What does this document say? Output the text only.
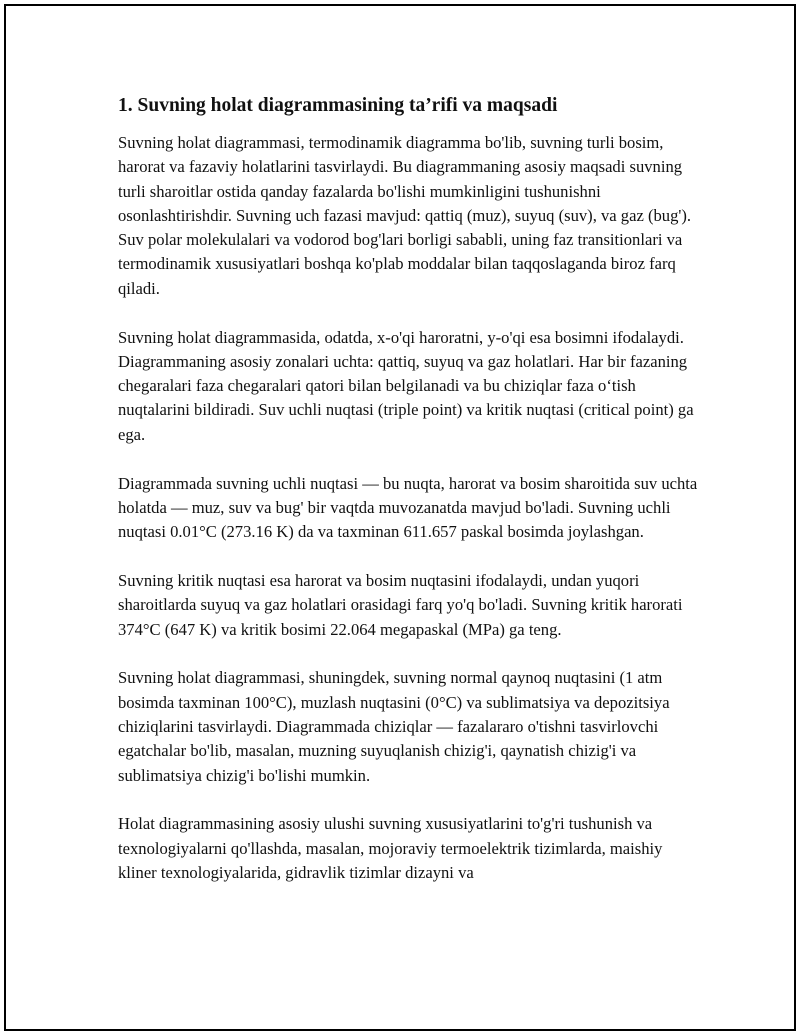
1. Suvning holat diagrammasining ta’rifi va maqsadi

Suvning holat diagrammasi, termodinamik diagramma bo'lib, suvning turli bosim, harorat va fazaviy holatlarini tasvirlaydi. Bu diagrammaning asosiy maqsadi suvning turli sharoitlar ostida qanday fazalarda bo'lishi mumkinligini tushunishni osonlashtirishdir. Suvning uch fazasi mavjud: qattiq (muz), suyuq (suv), va gaz (bug'). Suv polar molekulalari va vodorod bog'lari borligi sababli, uning faz transitionlari va termodinamik xususiyatlari boshqa ko'plab moddalar bilan taqqoslaganda biroz farq qiladi.

Suvning holat diagrammasida, odatda, x-o'qi haroratni, y-o'qi esa bosimni ifodalaydi. Diagrammaning asosiy zonalari uchta: qattiq, suyuq va gaz holatlari. Har bir fazaning chegaralari faza chegaralari qatori bilan belgilanadi va bu chiziqlar faza o‘tish nuqtalarini bildiradi. Suv uchli nuqtasi (triple point) va kritik nuqtasi (critical point) ga ega.

Diagrammada suvning uchli nuqtasi — bu nuqta, harorat va bosim sharoitida suv uchta holatda — muz, suv va bug' bir vaqtda muvozanatda mavjud bo'ladi. Suvning uchli nuqtasi 0.01°C (273.16 K) da va taxminan 611.657 paskal bosimda joylashgan.

Suvning kritik nuqtasi esa harorat va bosim nuqtasini ifodalaydi, undan yuqori sharoitlarda suyuq va gaz holatlari orasidagi farq yo'q bo'ladi. Suvning kritik harorati 374°C (647 K) va kritik bosimi 22.064 megapaskal (MPa) ga teng.

Suvning holat diagrammasi, shuningdek, suvning normal qaynoq nuqtasini (1 atm bosimda taxminan 100°C), muzlash nuqtasini (0°C) va sublimatsiya va depozitsiya chiziqlarini tasvirlaydi. Diagrammada chiziqlar — fazalararo o'tishni tasvirlovchi egatchalar bo'lib, masalan, muzning suyuqlanish chizig'i, qaynatish chizig'i va sublimatsiya chizig'i bo'lishi mumkin.

Holat diagrammasining asosiy ulushi suvning xususiyatlarini to'g'ri tushunish va texnologiyalarni qo'llashda, masalan, mojoraviy termoelektrik tizimlarda, maishiy kliner texnologiyalarida, gidravlik tizimlar dizayni va
